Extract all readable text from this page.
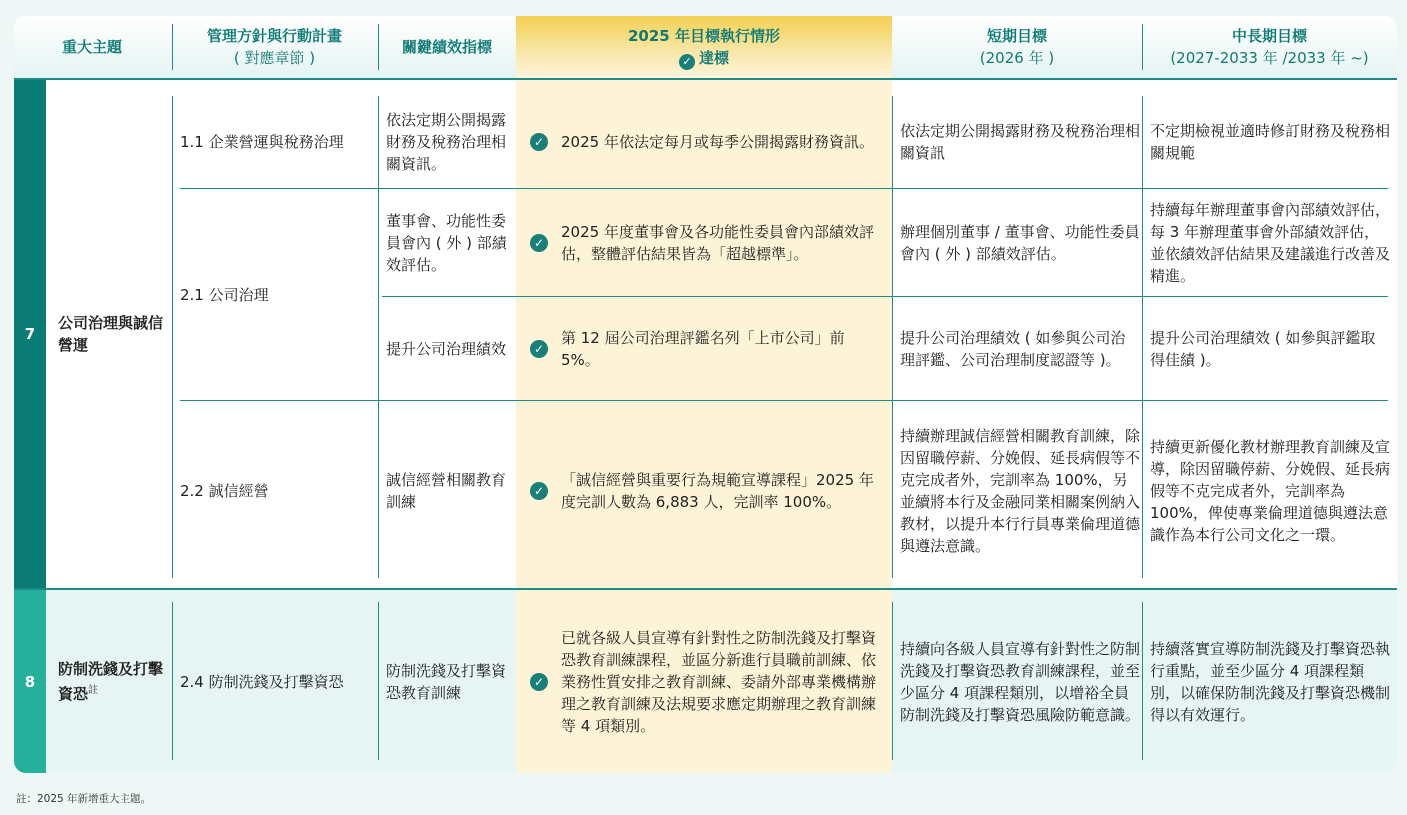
重大主題
管理方針與行動計畫
( 對應章節 )
關鍵績效指標
2025 年目標執行情形
✓ 達標
短期目標
(2026 年 )
中長期目標
(2027-2033 年 /2033 年 ~)
7
公司治理與誠信營運
1.1 企業營運與稅務治理
2.1 公司治理
2.2 誠信經營
依法定期公開揭露財務及稅務治理相關資訊。
✓ 2025 年依法定每月或每季公開揭露財務資訊。
依法定期公開揭露財務及稅務治理相關資訊
不定期檢視並適時修訂財務及稅務相關規範
董事會、功能性委員會內 ( 外 ) 部績效評估。
✓
2025 年度董事會及各功能性委員會內部績效評估，整體評估結果皆為「超越標準」。
辦理個別董事 / 董事會、功能性委員會內 ( 外 ) 部績效評估。
持續每年辦理董事會內部績效評估，每 3 年辦理董事會外部績效評估，並依績效評估結果及建議進行改善及精進。
提升公司治理績效	✓
第 12 屆公司治理評鑑名列「上市公司」前 5%。
提升公司治理績效 ( 如參與公司治理評鑑、公司治理制度認證等 )。
提升公司治理績效 ( 如參與評鑑取得佳績 )。
誠信經營相關教育訓練
✓
「誠信經營與重要行為規範宣導課程」2025 年度完訓人數為 6,883 人，完訓率 100%。
持續辦理誠信經營相關教育訓練，除因留職停薪、分娩假、延長病假等不克完成者外，完訓率為 100%，另並續將本行及金融同業相關案例納入教材，以提升本行行員專業倫理道德與遵法意識。
持續更新優化教材辦理教育訓練及宣導，除因留職停薪、分娩假、延長病假等不克完成者外，完訓率為 100%，俾使專業倫理道德與遵法意識作為本行公司文化之一環。
8
防制洗錢及打擊資恐$^註$	2.4 防制洗錢及打擊資恐
防制洗錢及打擊資恐教育訓練
✓
已就各級人員宣導有針對性之防制洗錢及打擊資恐教育訓練課程，並區分新進行員職前訓練、依業務性質安排之教育訓練、委請外部專業機構辦理之教育訓練及法規要求應定期辦理之教育訓練等 4 項類別。
持續向各級人員宣導有針對性之防制洗錢及打擊資恐教育訓練課程，並至少區分 4 項課程類別，以增裕全員防制洗錢及打擊資恐風險防範意識。
持續落實宣導防制洗錢及打擊資恐執行重點，並至少區分 4 項課程類別，以確保防制洗錢及打擊資恐機制得以有效運行。
註：2025 年新增重大主題。
